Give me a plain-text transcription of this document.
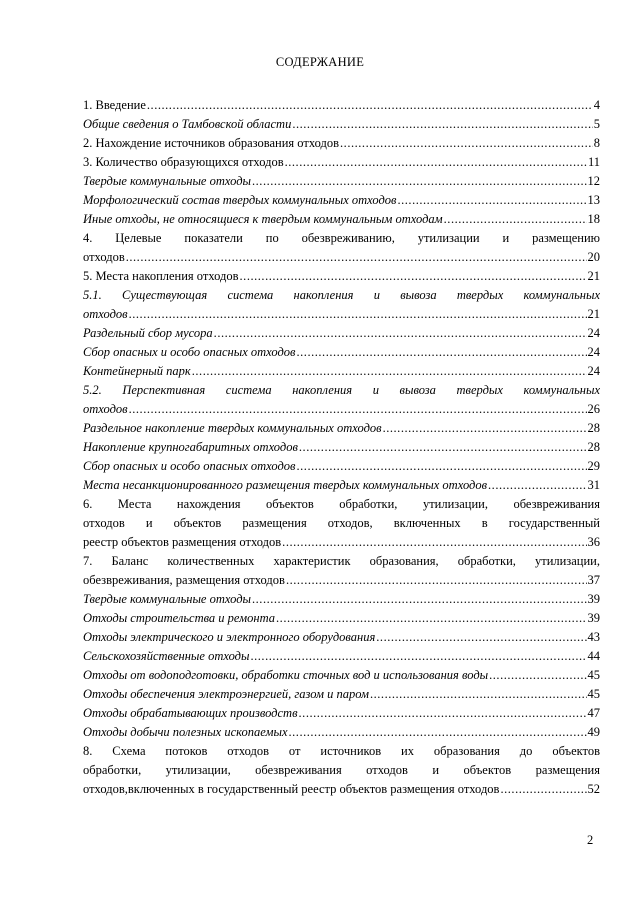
СОДЕРЖАНИЕ
1. Введение . . .	4
Общие сведения о Тамбовской области . . .	5
2. Нахождение источников образования отходов . . .	8
3. Количество образующихся отходов . . .	11
Твердые коммунальные отходы . . .	12
Морфологический состав твердых коммунальных отходов . . .	13
Иные отходы, не относящиеся к твердым коммунальным отходам . . .	18
4. Целевые показатели по обезвреживанию, утилизации и размещению
отходов . . .	20
5. Места накопления отходов . . .	21
5.1. Существующая система накопления и вывоза твердых коммунальных
отходов . . .	21
Раздельный сбор мусора . . .	24
Сбор опасных и особо опасных отходов . . .	24
Контейнерный парк . . .	24
5.2. Перспективная система накопления и вывоза твердых коммунальных
отходов . . .	26
Раздельное накопление твердых коммунальных отходов . . .	28
Накопление крупногабаритных отходов . . .	28
Сбор опасных и особо опасных отходов . . .	29
Места несанкционированного размещения твердых коммунальных отходов . . .	31
6. Места нахождения объектов обработки, утилизации, обезвреживания
отходов и объектов размещения отходов, включенных в государственный
реестр объектов размещения отходов . . .	36
7. Баланс количественных характеристик образования, обработки, утилизации,
обезвреживания, размещения отходов . . .	37
Твердые коммунальные отходы . . .	39
Отходы строительства и ремонта . . .	39
Отходы электрического и электронного оборудования . . .	43
Сельскохозяйственные отходы . . .	44
Отходы от водоподготовки, обработки сточных вод и использования воды . . .	45
Отходы обеспечения электроэнергией, газом и паром . . .	45
Отходы обрабатывающих производств . . .	47
Отходы добычи полезных ископаемых . . .	49
8. Схема потоков отходов от источников их образования до объектов
обработки, утилизации, обезвреживания отходов и объектов размещения
отходов,включенных в государственный реестр объектов размещения отходов . . .	52
2
